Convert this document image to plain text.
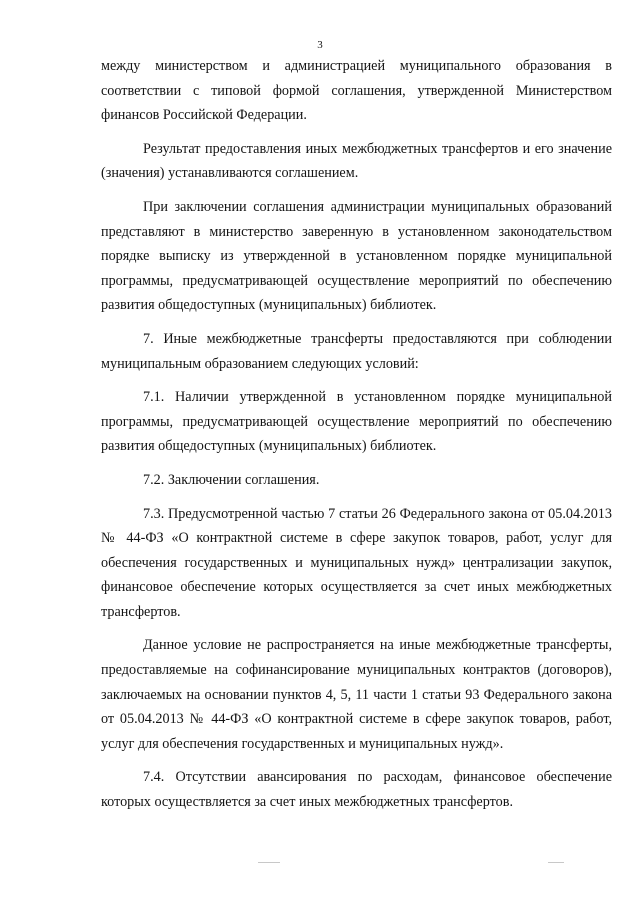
3

между министерством и администрацией муниципального образования в соответствии с типовой формой соглашения, утвержденной Министерством финансов Российской Федерации.

Результат предоставления иных межбюджетных трансфертов и его значение (значения) устанавливаются соглашением.

При заключении соглашения администрации муниципальных образований представляют в министерство заверенную в установленном законодательством порядке выписку из утвержденной в установленном порядке муниципальной программы, предусматривающей осуществление мероприятий по обеспечению развития общедоступных (муниципальных) библиотек.

7. Иные межбюджетные трансферты предоставляются при соблюдении муниципальным образованием следующих условий:

7.1. Наличии утвержденной в установленном порядке муниципальной программы, предусматривающей осуществление мероприятий по обеспечению развития общедоступных (муниципальных) библиотек.

7.2. Заключении соглашения.

7.3. Предусмотренной частью 7 статьи 26 Федерального закона от 05.04.2013 № 44-ФЗ «О контрактной системе в сфере закупок товаров, работ, услуг для обеспечения государственных и муниципальных нужд» централизации закупок, финансовое обеспечение которых осуществляется за счет иных межбюджетных трансфертов.

Данное условие не распространяется на иные межбюджетные трансферты, предоставляемые на софинансирование муниципальных контрактов (договоров), заключаемых на основании пунктов 4, 5, 11 части 1 статьи 93 Федерального закона от 05.04.2013 № 44-ФЗ «О контрактной системе в сфере закупок товаров, работ, услуг для обеспечения государственных и муниципальных нужд».

7.4. Отсутствии авансирования по расходам, финансовое обеспечение которых осуществляется за счет иных межбюджетных трансфертов.
